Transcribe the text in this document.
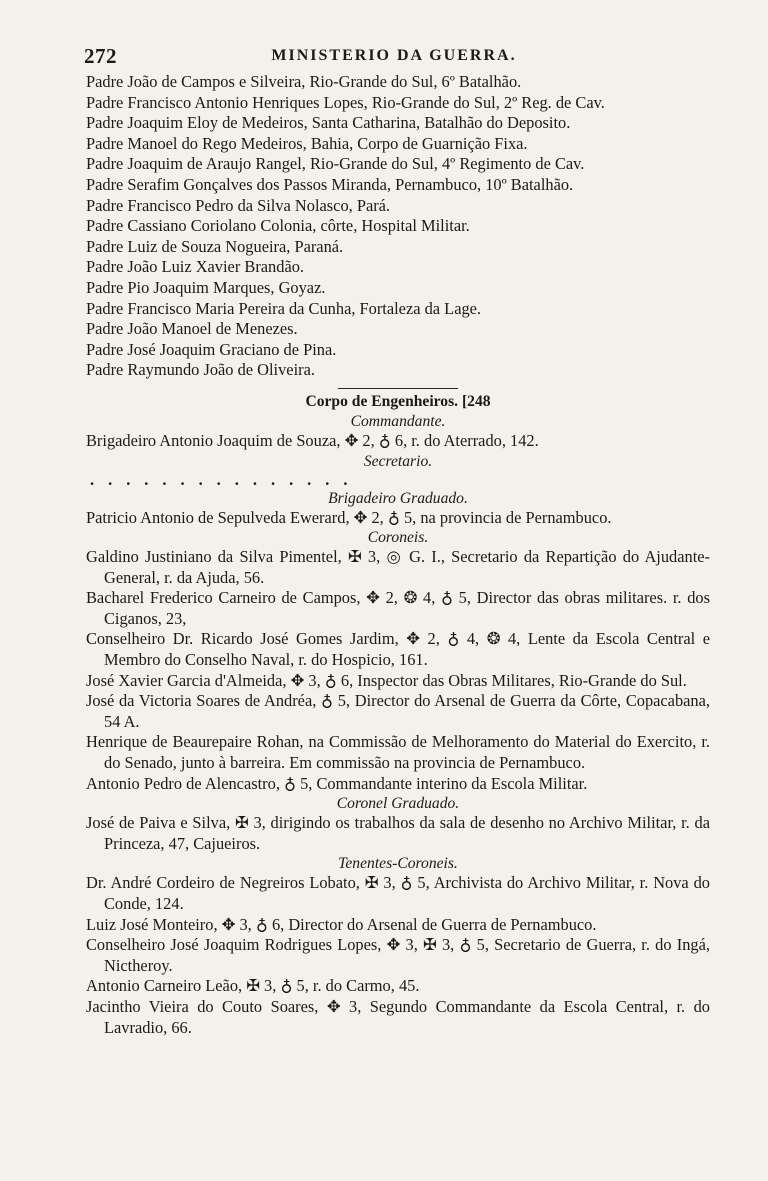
272	MINISTERIO DA GUERRA.
Padre João de Campos e Silveira, Rio-Grande do Sul, 6º Batalhão.
Padre Francisco Antonio Henriques Lopes, Rio-Grande do Sul, 2º Reg. de Cav.
Padre Joaquim Eloy de Medeiros, Santa Catharina, Batalhão do Deposito.
Padre Manoel do Rego Medeiros, Bahia, Corpo de Guarnição Fixa.
Padre Joaquim de Araujo Rangel, Rio-Grande do Sul, 4º Regimento de Cav.
Padre Serafim Gonçalves dos Passos Miranda, Pernambuco, 10º Batalhão.
Padre Francisco Pedro da Silva Nolasco, Pará.
Padre Cassiano Coriolano Colonia, côrte, Hospital Militar.
Padre Luiz de Souza Nogueira, Paraná.
Padre João Luiz Xavier Brandão.
Padre Pio Joaquim Marques, Goyaz.
Padre Francisco Maria Pereira da Cunha, Fortaleza da Lage.
Padre João Manoel de Menezes.
Padre José Joaquim Graciano de Pina.
Padre Raymundo João de Oliveira.
Corpo de Engenheiros. [248
Commandante.
Brigadeiro Antonio Joaquim de Souza, ✥ 2, ♁ 6, r. do Aterrado, 142.
Secretario.
...............
Brigadeiro Graduado.
Patricio Antonio de Sepulveda Ewerard, ✥ 2, ♁ 5, na provincia de Pernambuco.
Coroneis.
Galdino Justiniano da Silva Pimentel, ✠ 3, ◎ G. I., Secretario da Repartição do Ajudante-General, r. da Ajuda, 56.
Bacharel Frederico Carneiro de Campos, ✥ 2, ❂ 4, ♁ 5, Director das obras militares. r. dos Ciganos, 23,
Conselheiro Dr. Ricardo José Gomes Jardim, ✥ 2, ♁ 4, ❂ 4, Lente da Escola Central e Membro do Conselho Naval, r. do Hospicio, 161.
José Xavier Garcia d'Almeida, ✥ 3, ♁ 6, Inspector das Obras Militares, Rio-Grande do Sul.
José da Victoria Soares de Andréa, ♁ 5, Director do Arsenal de Guerra da Côrte, Copacabana, 54 A.
Henrique de Beaurepaire Rohan, na Commissão de Melhoramento do Material do Exercito, r. do Senado, junto à barreira. Em commissão na provincia de Pernambuco.
Antonio Pedro de Alencastro, ♁ 5, Commandante interino da Escola Militar.
Coronel Graduado.
José de Paiva e Silva, ✠ 3, dirigindo os trabalhos da sala de desenho no Archivo Militar, r. da Princeza, 47, Cajueiros.
Tenentes-Coroneis.
Dr. André Cordeiro de Negreiros Lobato, ✠ 3, ♁ 5, Archivista do Archivo Militar, r. Nova do Conde, 124.
Luiz José Monteiro, ✥ 3, ♁ 6, Director do Arsenal de Guerra de Pernambuco.
Conselheiro José Joaquim Rodrigues Lopes, ✥ 3, ✠ 3, ♁ 5, Secretario de Guerra, r. do Ingá, Nictheroy.
Antonio Carneiro Leão, ✠ 3, ♁ 5, r. do Carmo, 45.
Jacintho Vieira do Couto Soares, ✥ 3, Segundo Commandante da Escola Central, r. do Lavradio, 66.
